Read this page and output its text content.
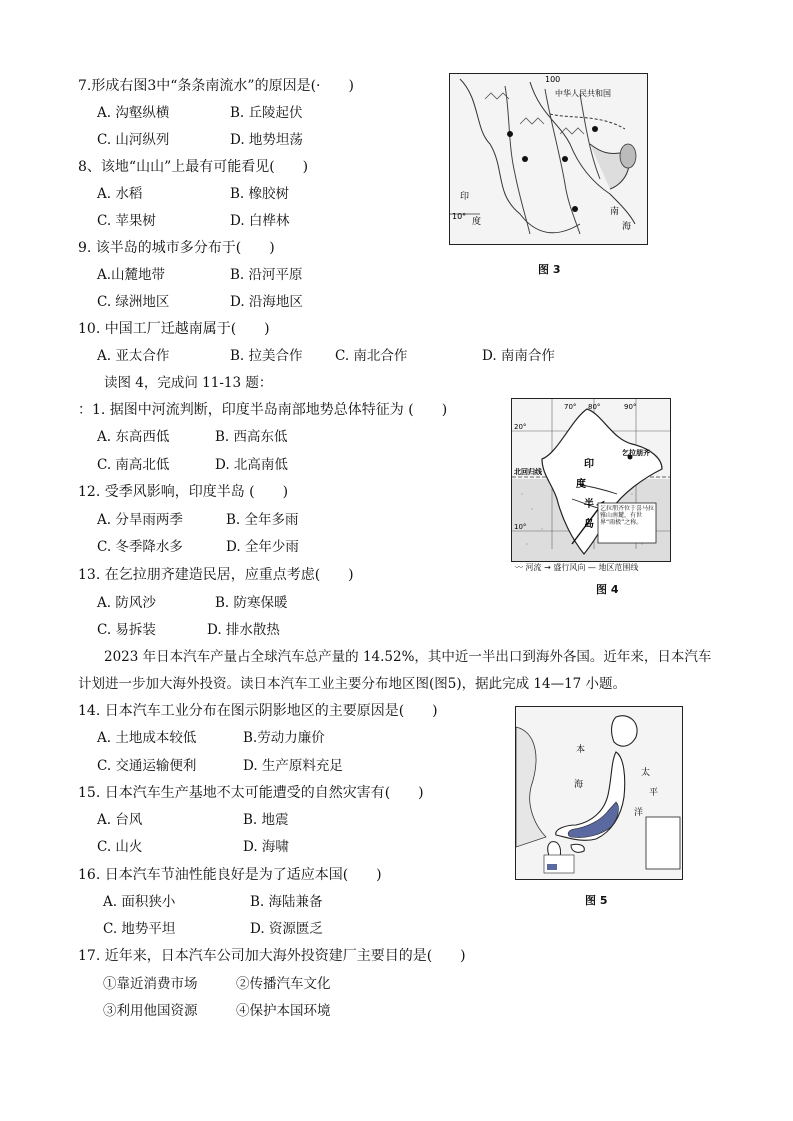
7.形成右图3中“条条南流水”的原因是(·　　)
A. 沟壑纵横	B. 丘陵起伏
C. 山河纵列	D. 地势坦荡
8、该地“山山”上最有可能看见(　　)
A. 水稻	B. 橡胶树
C. 苹果树	D. 白桦林
9. 该半岛的城市多分布于(　　)
A.山麓地带	B. 沿河平原
C. 绿洲地区	D. 沿海地区
10. 中国工厂迁越南属于(　　)
A. 亚太合作	B. 拉美合作 C. 南北合作	D. 南南合作
读图 4，完成问 11-13 题：
：1. 据图中河流判断，印度半岛南部地势总体特征为 (　　)
A. 东高西低	B. 西高东低
C. 南高北低	D. 北高南低
12. 受季风影响，印度半岛 (　　)
A. 分旱雨两季	B. 全年多雨
C. 冬季降水多	D. 全年少雨
13. 在乞拉朋齐建造民居，应重点考虑(　　)
A. 防风沙	B. 防寒保暖
C. 易拆装	D. 排水散热
2023 年日本汽车产量占全球汽车总产量的 14.52%，其中近一半出口到海外各国。近年来，日本汽车
计划进一步加大海外投资。读日本汽车工业主要分布地区图(图5)，据此完成 14—17 小题。
14. 日本汽车工业分布在图示阴影地区的主要原因是(　　)
A. 土地成本较低	B.劳动力廉价
C. 交通运输便利	D. 生产原料充足
15. 日本汽车生产基地不太可能遭受的自然灾害有(　　)
A. 台风	B. 地震
C. 山火	D. 海啸
16. 日本汽车节油性能良好是为了适应本国(　　)
A. 面积狭小	B. 海陆兼备
C. 地势平坦	D. 资源匮乏
17. 近年来，日本汽车公司加大海外投资建厂主要目的是(　　)
①靠近消费市场	②传播汽车文化
③利用他国资源	④保护本国环境
100
中华人民共和国
10°
印
度
南
海
图 3
乞拉朋齐位于喜马拉雅山南麓，有世界“雨极”之称。
70° 80°	90°
20°
10°
北回归线
乞拉朋齐
印
度
半
岛
〰 河流 → 盛行风向 — 地区范围线
图 4
本
海
太
平
洋
图 5
